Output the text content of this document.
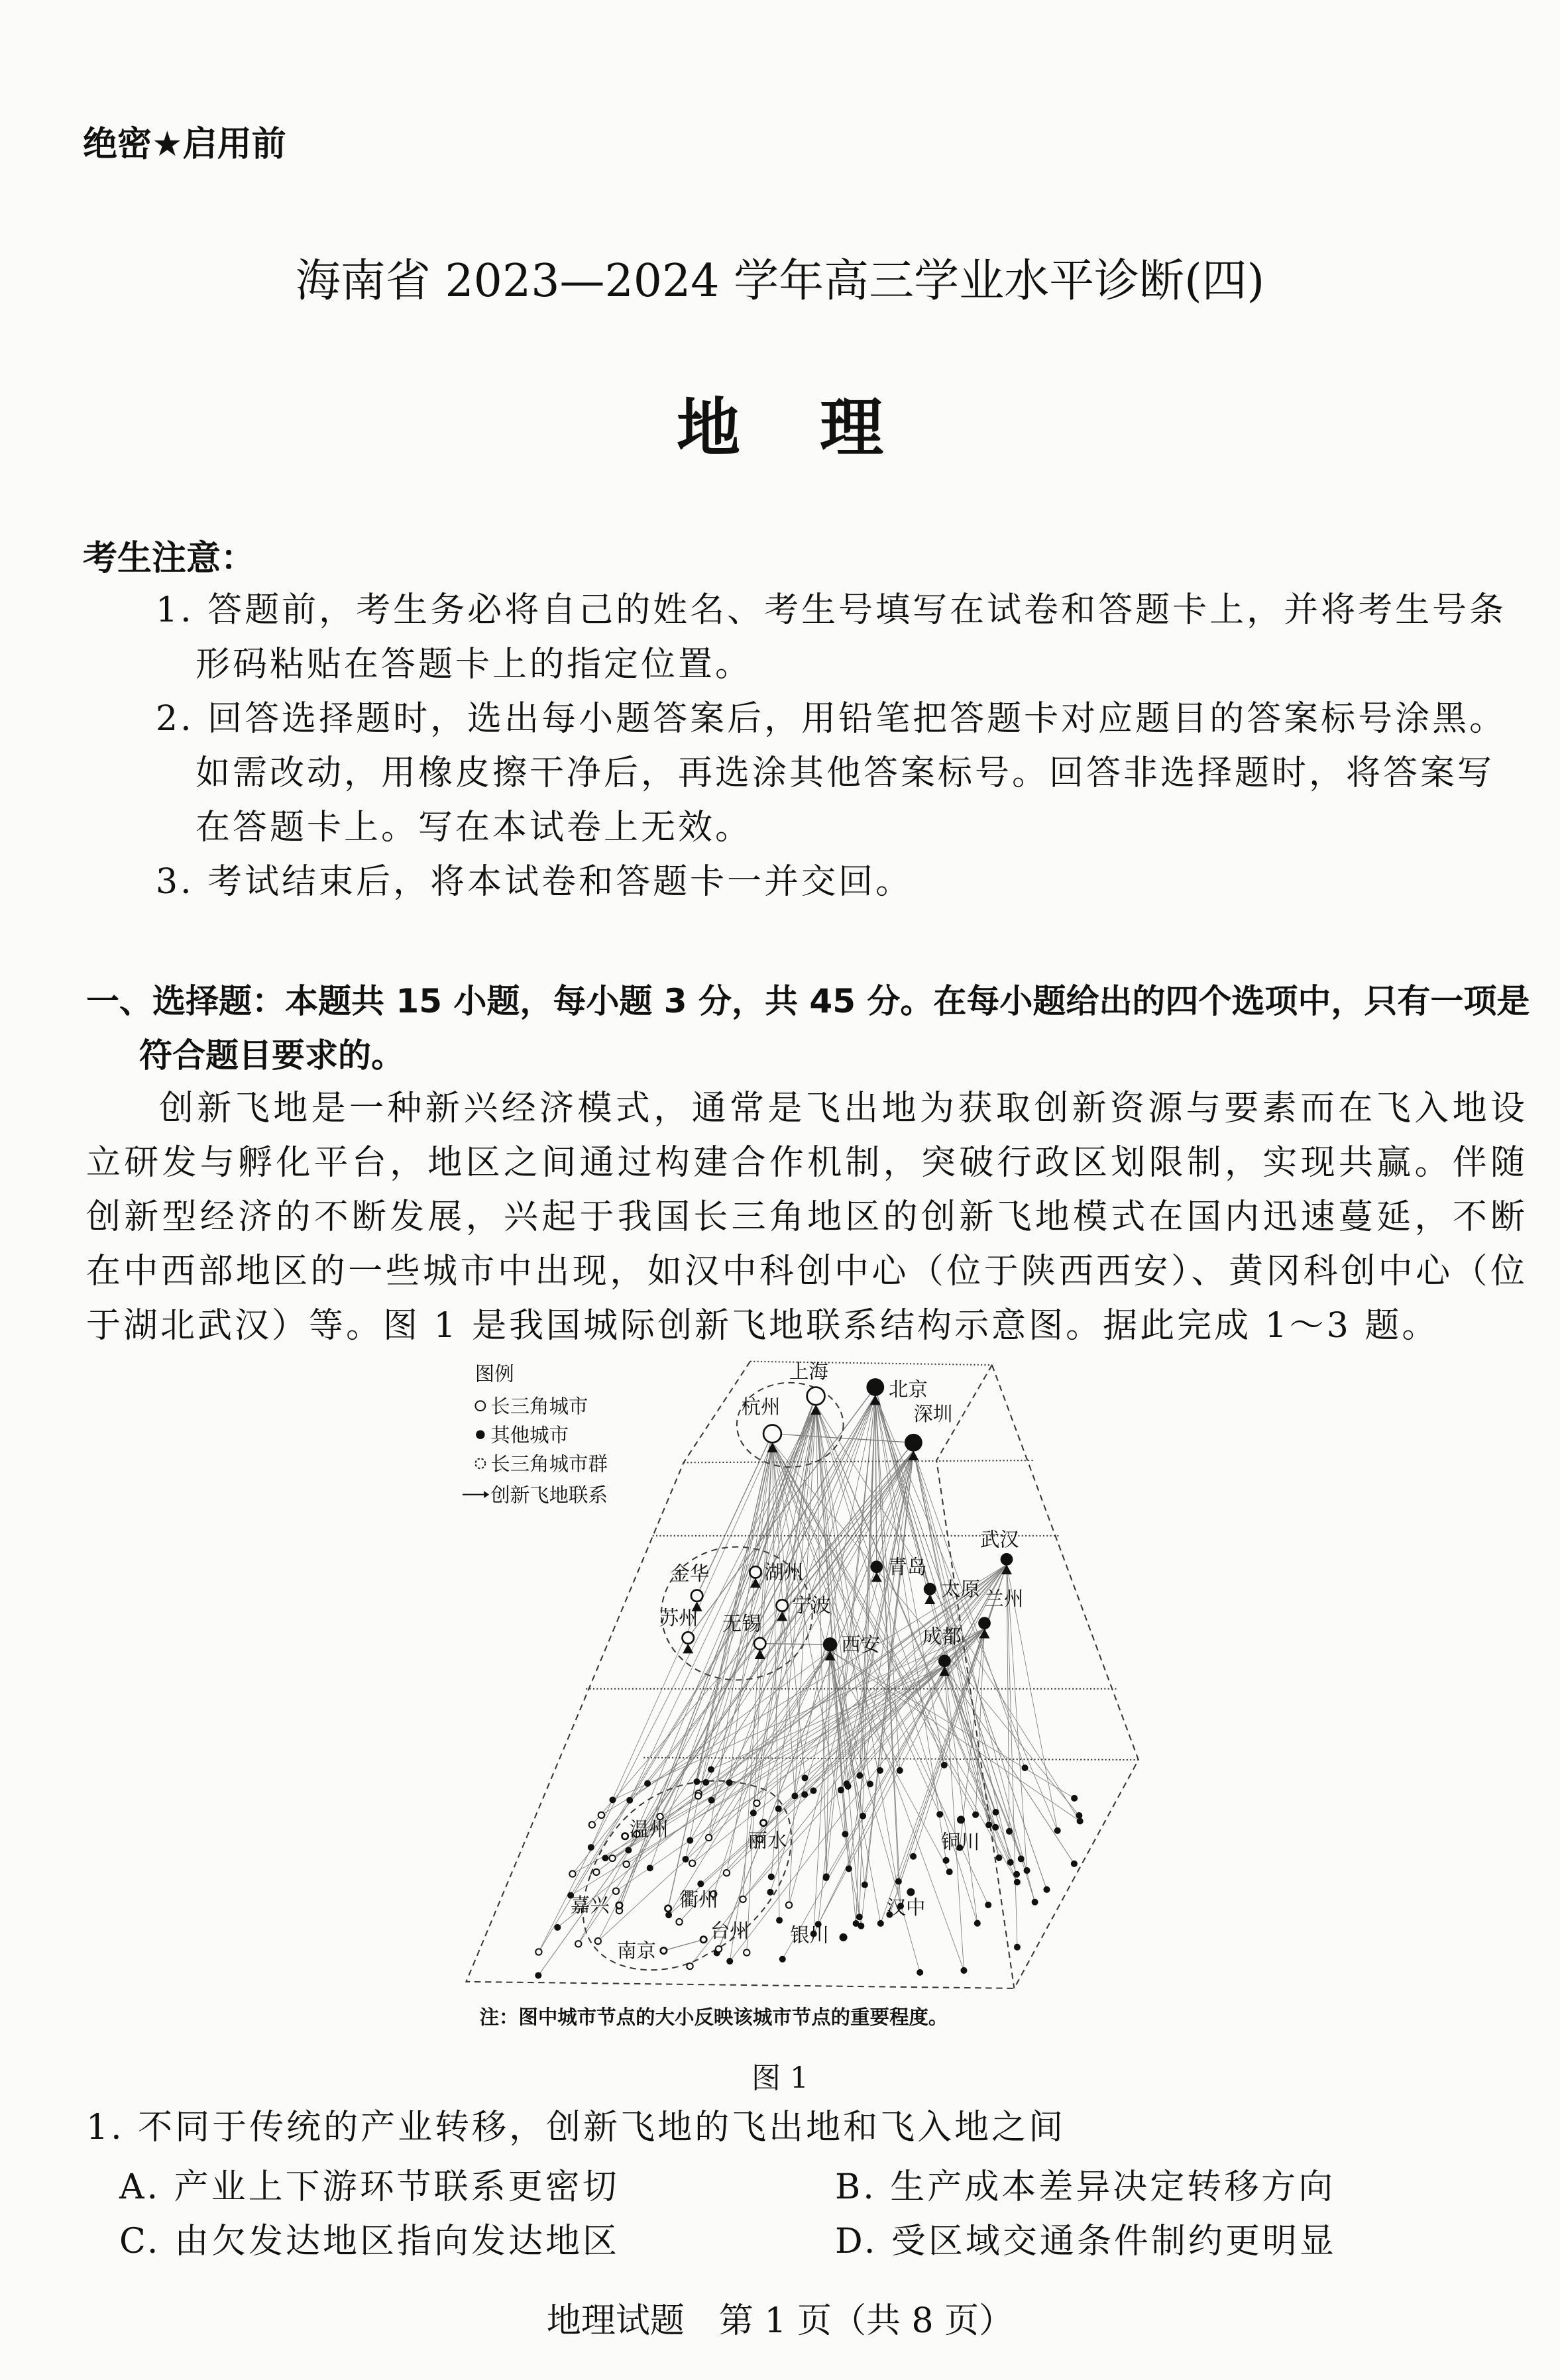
绝密★启用前
海南省 2023—2024 学年高三学业水平诊断(四)
地理
考生注意：

1. 答题前，考生务必将自己的姓名、考生号填写在试卷和答题卡上，并将考生号条形码粘贴在答题卡上的指定位置。

2. 回答选择题时，选出每小题答案后，用铅笔把答题卡对应题目的答案标号涂黑。如需改动，用橡皮擦干净后，再选涂其他答案标号。回答非选择题时，将答案写在答题卡上。写在本试卷上无效。

3. 考试结束后，将本试卷和答题卡一并交回。

一、选择题：本题共 15 小题，每小题 3 分，共 45 分。在每小题给出的四个选项中，只有一项是
符合题目要求的。
创新飞地是一种新兴经济模式，通常是飞出地为获取创新资源与要素而在飞入地设立研发与孵化平台，地区之间通过构建合作机制，突破行政区划限制，实现共赢。伴随创新型经济的不断发展，兴起于我国长三角地区的创新飞地模式在国内迅速蔓延，不断在中西部地区的一些城市中出现，如汉中科创中心（位于陕西西安）、黄冈科创中心（位于湖北武汉）等。图 1 是我国城际创新飞地联系结构示意图。据此完成 1～3 题。
图例
长三角城市
其他城市
长三角城市群
创新飞地联系
上海
杭州
北京
深圳
湖州
金华
宁波
苏州 无锡
西安
青岛
太原
武汉
兰州
成都
温州	丽水	铜川
嘉兴 衢州
台州 银川
汉中
南京
注：图中城市节点的大小反映该城市节点的重要程度。
图 1
1. 不同于传统的产业转移，创新飞地的飞出地和飞入地之间
A. 产业上下游环节联系更密切	B. 生产成本差异决定转移方向
C. 由欠发达地区指向发达地区	D. 受区域交通条件制约更明显
地理试题　第 1 页（共 8 页）
